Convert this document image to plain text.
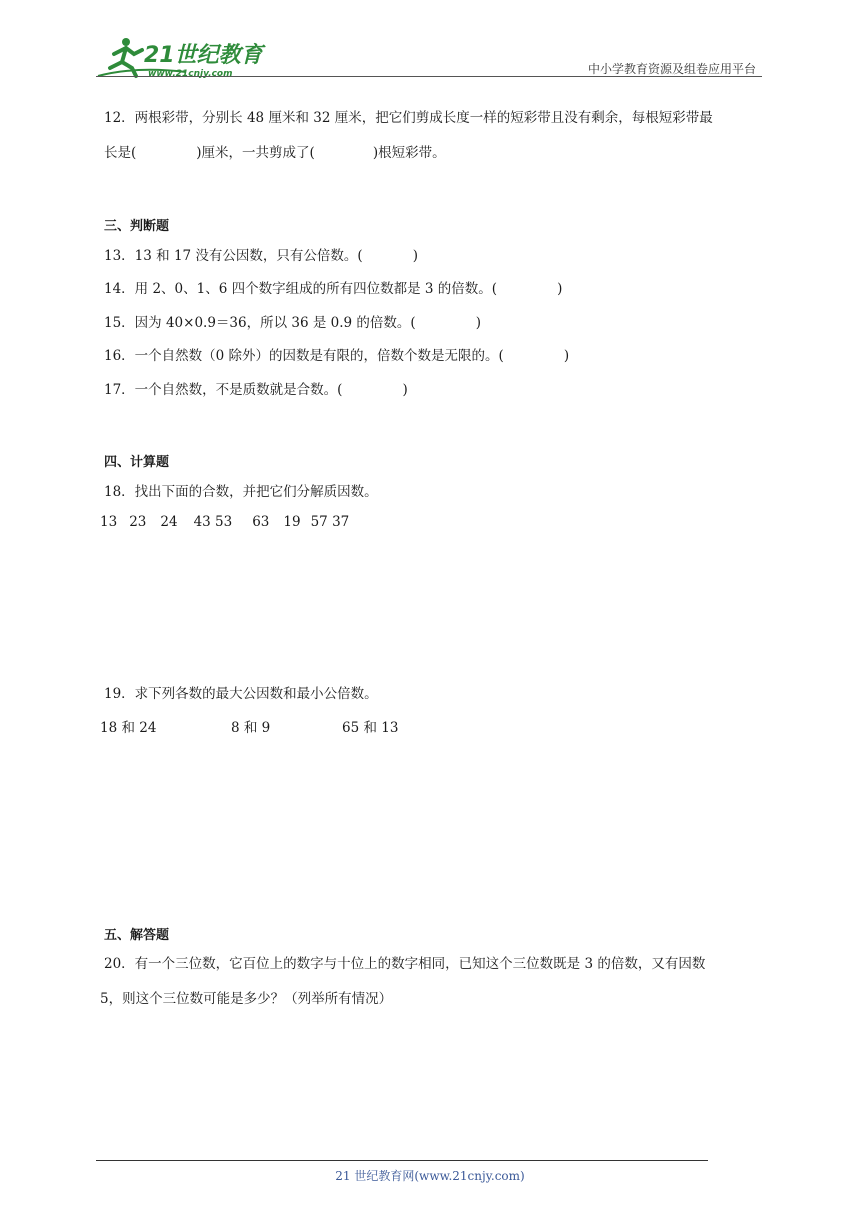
21世纪教育
www.21cnjy.com	中小学教育资源及组卷应用平台
12．两根彩带，分别长 48 厘米和 32 厘米，把它们剪成长度一样的短彩带且没有剩余，每根短彩带最
长是(	)厘米，一共剪成了(	)根短彩带。
三、判断题
13．13 和 17 没有公因数，只有公倍数。(	)
14．用 2、0、1、6 四个数字组成的所有四位数都是 3 的倍数。(	)
15．因为 40×0.9＝36，所以 36 是 0.9 的倍数。(	)
16．一个自然数（0 除外）的因数是有限的，倍数个数是无限的。(	)
17．一个自然数，不是质数就是合数。(	)
四、计算题
18．找出下面的合数，并把它们分解质因数。
13 23 24 43 53 63 19 57 37
19．求下列各数的最大公因数和最小公倍数。
18 和 24	8 和 9	65 和 13
五、解答题
20．有一个三位数，它百位上的数字与十位上的数字相同，已知这个三位数既是 3 的倍数，又有因数
5，则这个三位数可能是多少？（列举所有情况）
21 世纪教育网(www.21cnjy.com)
